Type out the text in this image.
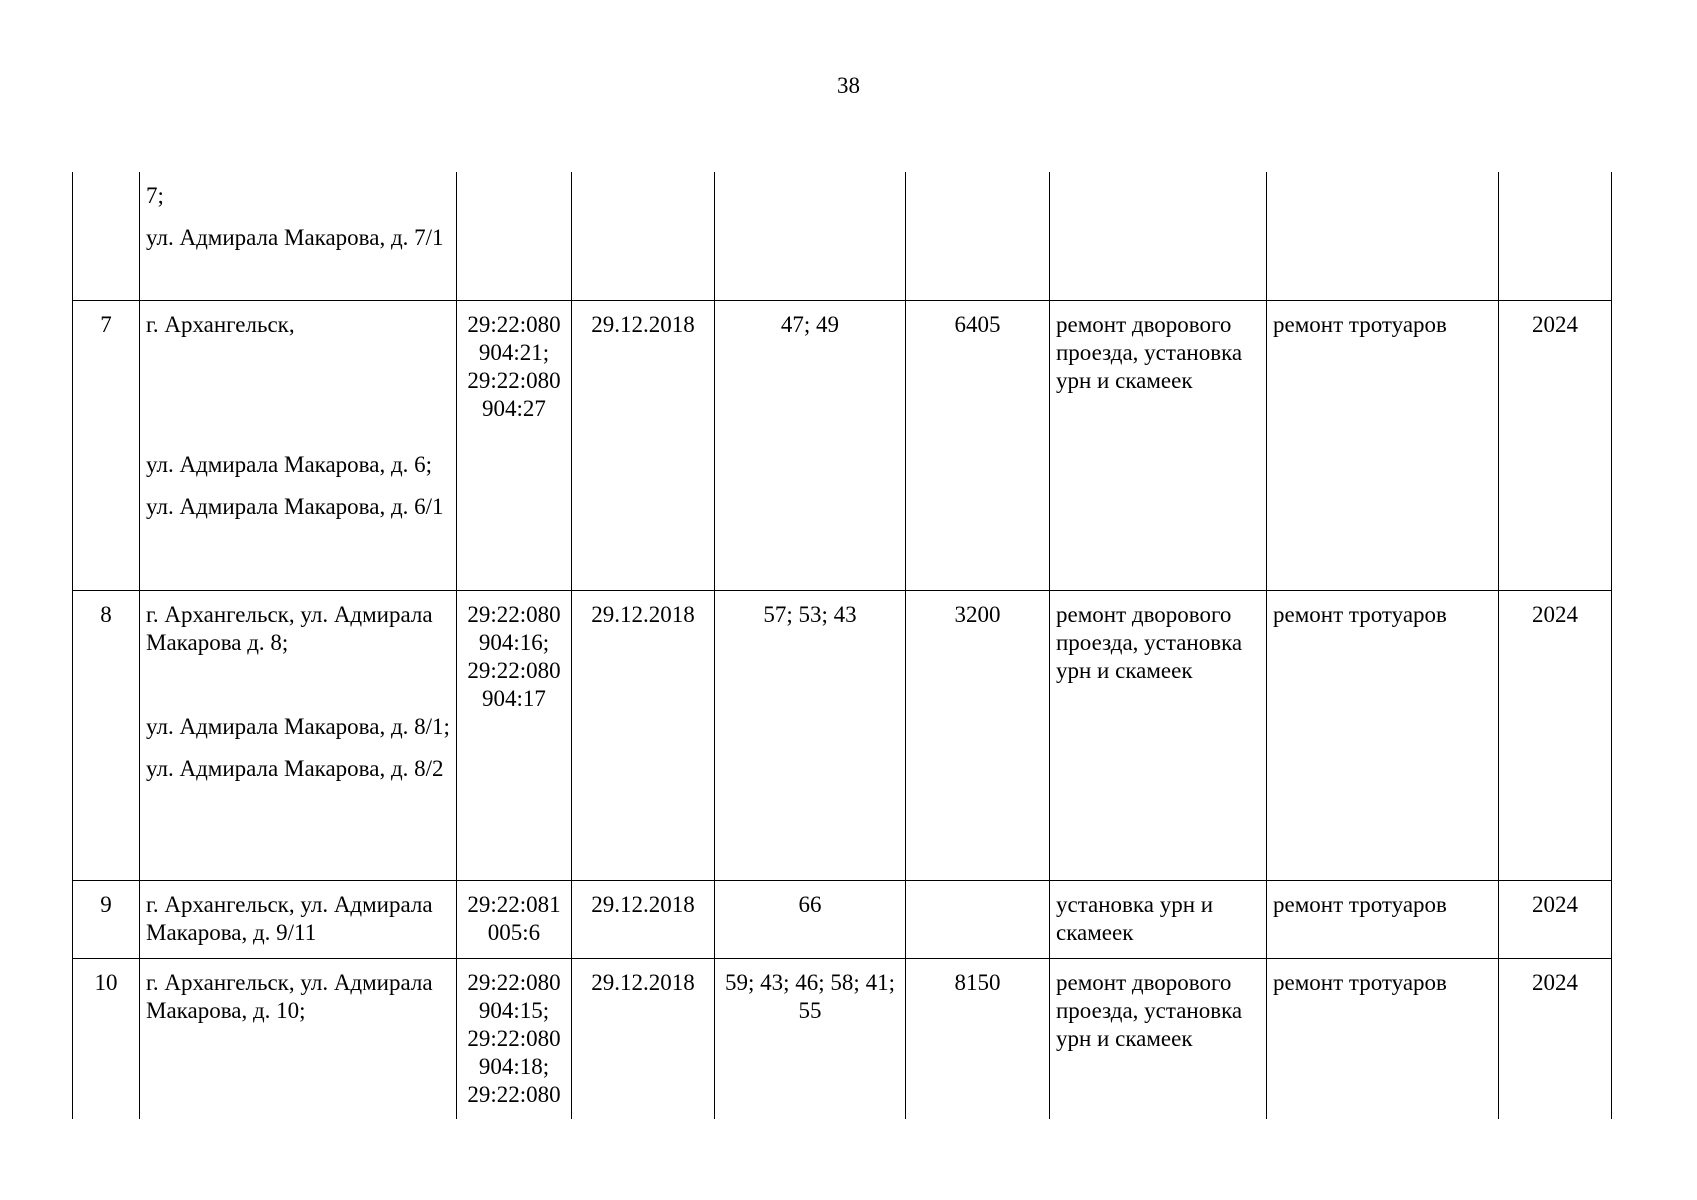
38

	7;
ул. Адмирала Макарова, д. 7/1							

7	г. Архангельск,
ул. Адмирала Макарова, д. 6;
ул. Адмирала Макарова, д. 6/1	29:22:080 904:21;
29:22:080 904:27	29.12.2018	47; 49	6405	ремонт дворового проезда, установка урн и скамеек	ремонт тротуаров	2024
8	г. Архангельск, ул. Адмирала Макарова д. 8;
ул. Адмирала Макарова, д. 8/1;
ул. Адмирала Макарова, д. 8/2	29:22:080 904:16;
29:22:080 904:17	29.12.2018	57; 53; 43	3200	ремонт дворового проезда, установка урн и скамеек	ремонт тротуаров	2024
9	г. Архангельск, ул. Адмирала Макарова, д. 9/11	29:22:081 005:6	29.12.2018	66		установка урн и скамеек	ремонт тротуаров	2024
10	г. Архангельск, ул. Адмирала Макарова, д. 10;	29:22:080 904:15;
29:22:080 904:18;
29:22:080	29.12.2018	59; 43; 46; 58; 41; 55	8150	ремонт дворового проезда, установка урн и скамеек	ремонт тротуаров	2024
